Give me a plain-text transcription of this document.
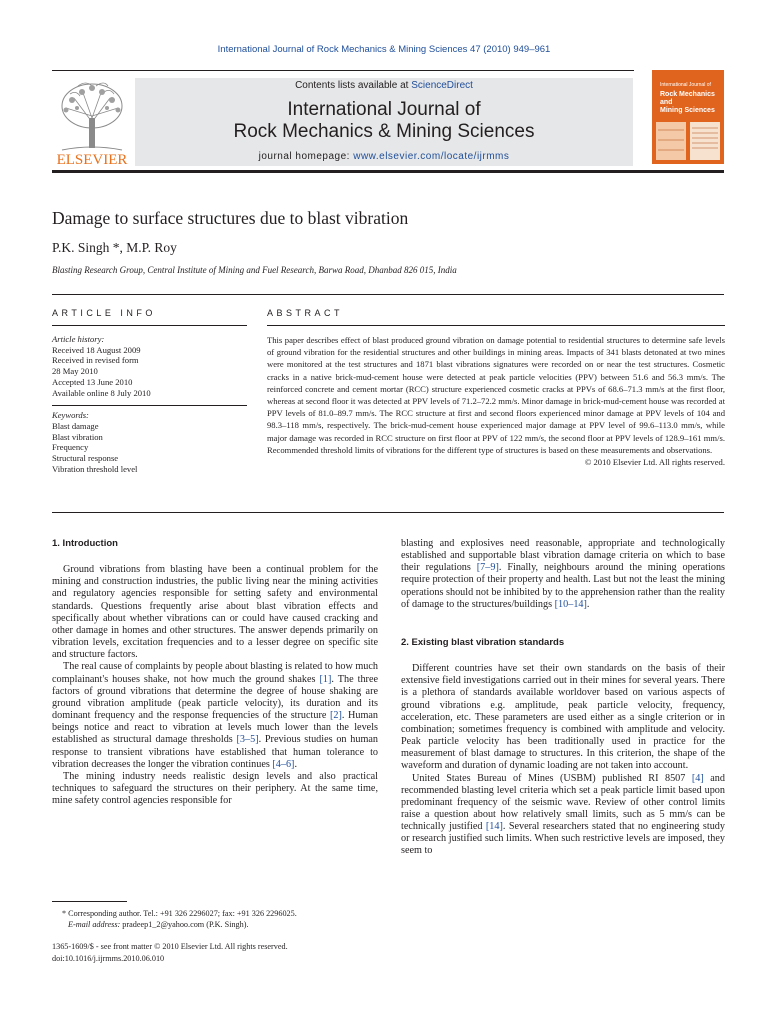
International Journal of Rock Mechanics & Mining Sciences 47 (2010) 949–961
ELSEVIER
Contents lists available at ScienceDirect
International Journal of
Rock Mechanics & Mining Sciences
journal homepage: www.elsevier.com/locate/ijrmms
International Journal of
Rock Mechanics
and
Mining Sciences
Damage to surface structures due to blast vibration
P.K. Singh *, M.P. Roy
Blasting Research Group, Central Institute of Mining and Fuel Research, Barwa Road, Dhanbad 826 015, India
ARTICLE INFO
Article history:
Received 18 August 2009
Received in revised form
28 May 2010
Accepted 13 June 2010
Available online 8 July 2010
Keywords:
Blast damage
Blast vibration
Frequency
Structural response
Vibration threshold level
ABSTRACT
This paper describes effect of blast produced ground vibration on damage potential to residential structures to determine safe levels of ground vibration for the residential structures and other buildings in mining areas. Impacts of 341 blasts detonated at two mines were monitored at the test structures and 1871 blast vibrations signatures were recorded on or near the test structures. Cosmetic cracks in a native brick-mud-cement house were detected at peak particle velocities (PPV) between 51.6 and 56.3 mm/s. The reinforced concrete and cement mortar (RCC) structure experienced cosmetic cracks at PPVs of 68.6–71.3 mm/s at the first floor, whereas at second floor it was detected at PPV levels of 71.2–72.2 mm/s. Minor damage in brick-mud-cement house was recorded at PPV levels of 81.0–89.7 mm/s. The RCC structure at first and second floors experienced minor damage at PPV levels of 104 and 98.3–118 mm/s, respectively. The brick-mud-cement house experienced major damage at PPV level of 99.6–113.0 mm/s, while major damage was recorded in RCC structure on first floor at PPV of 122 mm/s, the second floor at PPV levels of 128.9–161 mm/s. Recommended threshold limits of vibrations for the different type of structures is based on these measurements and observations.
© 2010 Elsevier Ltd. All rights reserved.

1. Introduction

Ground vibrations from blasting have been a continual problem for the mining and construction industries, the public living near the mining activities and regulatory agencies responsible for setting safety and environmental standards. Questions frequently arise about blast vibration effects and specifically about whether vibrations can or could have caused cracking and other damage in homes and other structures. The answer depends primarily on vibration levels, excitation frequencies and to a lesser degree on specific site and structure factors.

The real cause of complaints by people about blasting is related to how much complainant's houses shake, not how much the ground shakes [1]. The three factors of ground vibrations that determine the degree of house shaking are ground vibration amplitude (peak particle velocity), its duration and its dominant frequency and the response frequencies of the structure [2]. Human beings notice and react to vibration at levels much lower than the levels established as structural damage thresholds [3–5]. Previous studies on human response to transient vibrations have established that human tolerance to vibration decreases the longer the vibration continues [4–6].

The mining industry needs realistic design levels and also practical techniques to safeguard the structures on their periphery. At the same time, mine safety control agencies responsible for

blasting and explosives need reasonable, appropriate and technologically established and supportable blast vibration damage criteria on which to base their regulations [7–9]. Finally, neighbours around the mining operations require protection of their property and health. Last but not the least the mining operations should not be inhibited by to the apprehension rather than the reality of damage to the structures/buildings [10–14].

2. Existing blast vibration standards

Different countries have set their own standards on the basis of their extensive field investigations carried out in their mines for several years. There is a plethora of standards available worldover based on various aspects of ground vibrations e.g. amplitude, peak particle velocity, frequency, acceleration, etc. These parameters are used either as a single criterion or in combination; sometimes frequency is combined with amplitude and velocity. Peak particle velocity has been traditionally used in practice for the measurement of blast damage to structures. In this criterion, the shape of the waveform and duration of dynamic loading are not taken into account.

United States Bureau of Mines (USBM) published RI 8507 [4] and recommended blasting level criteria which set a peak particle limit based upon predominant frequency of the seismic wave. Review of other control limits raise a question about how relatively small limits, such as 5 mm/s can be technically justified [14]. Several researchers stated that no engineering study or research justified such limits. When such restrictive levels are imposed, they seem to

* Corresponding author. Tel.: +91 326 2296027; fax: +91 326 2296025.
E-mail address: pradeep1_2@yahoo.com (P.K. Singh).
1365-1609/$ - see front matter © 2010 Elsevier Ltd. All rights reserved.
doi:10.1016/j.ijrmms.2010.06.010
